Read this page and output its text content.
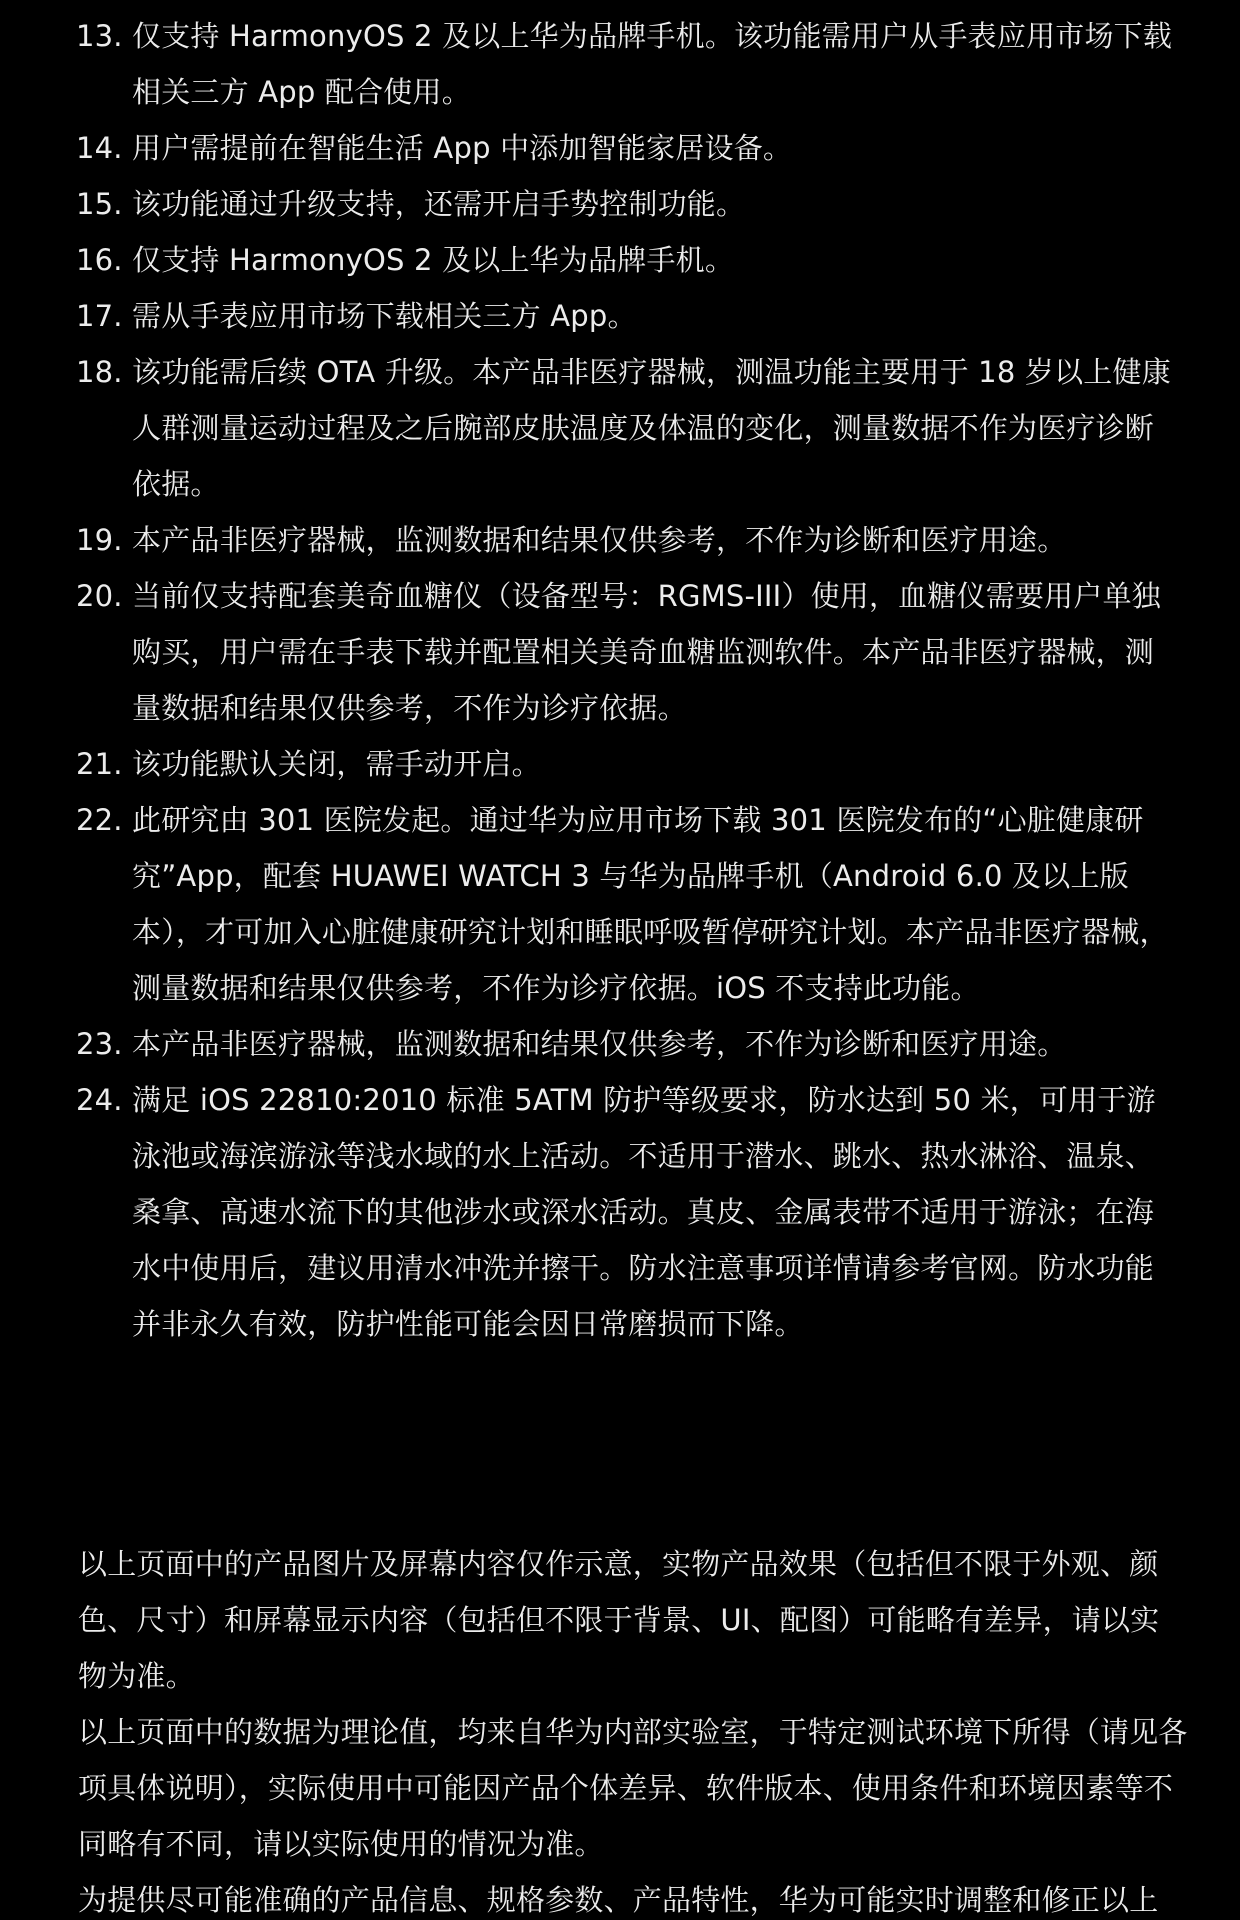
13. 仅支持 HarmonyOS 2 及以上华为品牌手机。该功能需用户从手表应用市场下载相关三方 App 配合使用。
14. 用户需提前在智能生活 App 中添加智能家居设备。
15. 该功能通过升级支持，还需开启手势控制功能。
16. 仅支持 HarmonyOS 2 及以上华为品牌手机。
17. 需从手表应用市场下载相关三方 App。
18. 该功能需后续 OTA 升级。本产品非医疗器械，测温功能主要用于 18 岁以上健康人群测量运动过程及之后腕部皮肤温度及体温的变化，测量数据不作为医疗诊断依据。
19. 本产品非医疗器械，监测数据和结果仅供参考，不作为诊断和医疗用途。
20. 当前仅支持配套美奇血糖仪（设备型号：RGMS-III）使用，血糖仪需要用户单独购买，用户需在手表下载并配置相关美奇血糖监测软件。本产品非医疗器械，测量数据和结果仅供参考，不作为诊疗依据。
21. 该功能默认关闭，需手动开启。
22. 此研究由 301 医院发起。通过华为应用市场下载 301 医院发布的“心脏健康研究”App，配套 HUAWEI WATCH 3 与华为品牌手机（Android 6.0 及以上版本），才可加入心脏健康研究计划和睡眠呼吸暂停研究计划。本产品非医疗器械，测量数据和结果仅供参考，不作为诊疗依据。iOS 不支持此功能。
23. 本产品非医疗器械，监测数据和结果仅供参考，不作为诊断和医疗用途。
24. 满足 iOS 22810:2010 标准 5ATM 防护等级要求，防水达到 50 米，可用于游泳池或海滨游泳等浅水域的水上活动。不适用于潜水、跳水、热水淋浴、温泉、桑拿、高速水流下的其他涉水或深水活动。真皮、金属表带不适用于游泳；在海水中使用后，建议用清水冲洗并擦干。防水注意事项详情请参考官网。防水功能并非永久有效，防护性能可能会因日常磨损而下降。

以上页面中的产品图片及屏幕内容仅作示意，实物产品效果（包括但不限于外观、颜色、尺寸）和屏幕显示内容（包括但不限于背景、UI、配图）可能略有差异，请以实物为准。

以上页面中的数据为理论值，均来自华为内部实验室，于特定测试环境下所得（请见各项具体说明），实际使用中可能因产品个体差异、软件版本、使用条件和环境因素等不同略有不同，请以实际使用的情况为准。

为提供尽可能准确的产品信息、规格参数、产品特性，华为可能实时调整和修正以上
